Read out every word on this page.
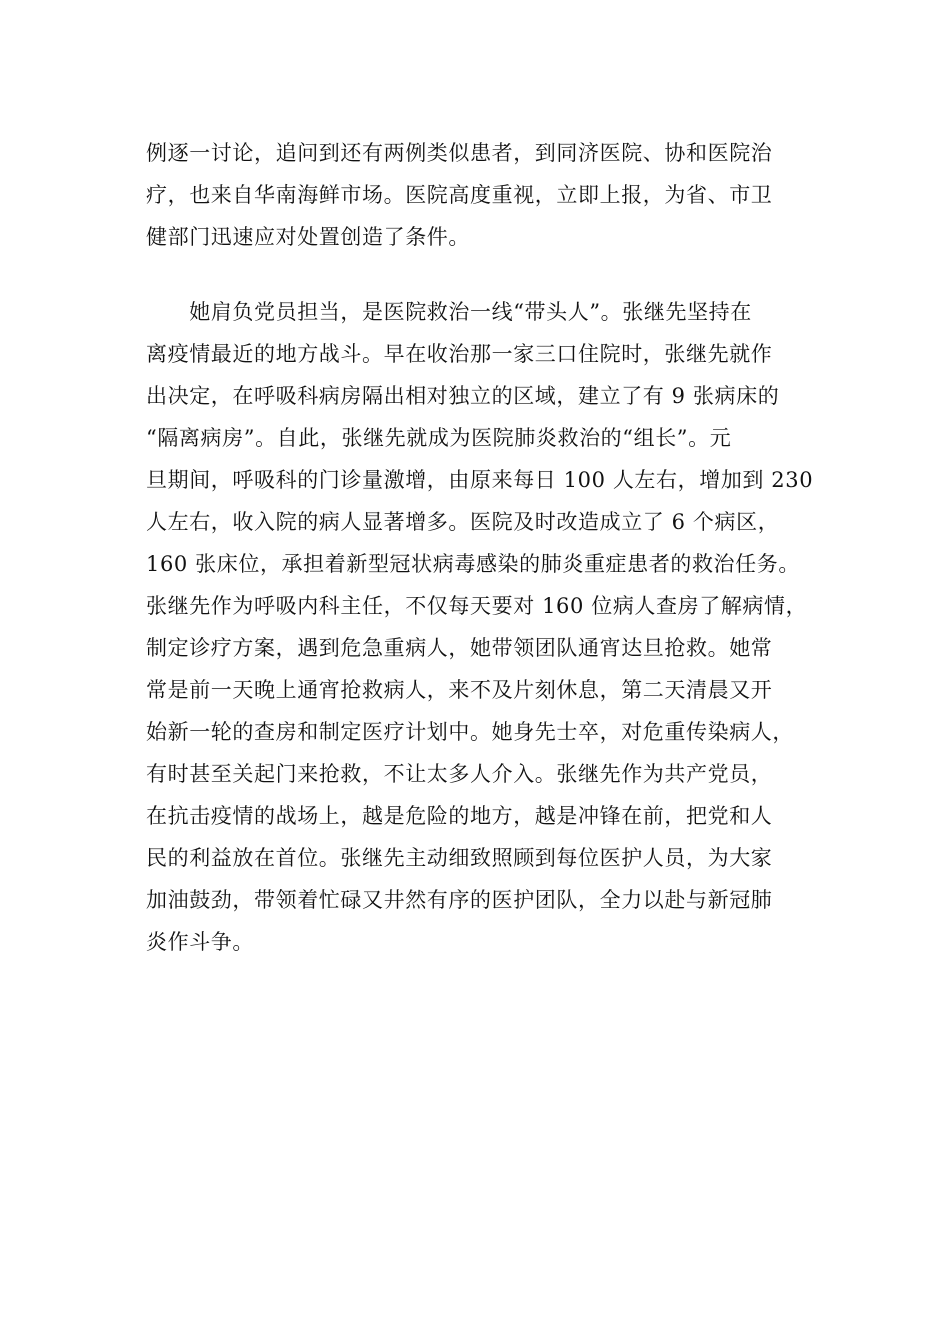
例逐一讨论，追问到还有两例类似患者，到同济医院、协和医院治
疗，也来自华南海鲜市场。医院高度重视，立即上报，为省、市卫
健部门迅速应对处置创造了条件。
　　她肩负党员担当，是医院救治一线“带头人”。张继先坚持在
离疫情最近的地方战斗。早在收治那一家三口住院时，张继先就作
出决定，在呼吸科病房隔出相对独立的区域，建立了有 9 张病床的
“隔离病房”。自此，张继先就成为医院肺炎救治的“组长”。元
旦期间，呼吸科的门诊量激增，由原来每日 100 人左右，增加到 230
人左右，收入院的病人显著增多。医院及时改造成立了 6 个病区，
160 张床位，承担着新型冠状病毒感染的肺炎重症患者的救治任务。
张继先作为呼吸内科主任，不仅每天要对 160 位病人查房了解病情，
制定诊疗方案，遇到危急重病人，她带领团队通宵达旦抢救。她常
常是前一天晚上通宵抢救病人，来不及片刻休息，第二天清晨又开
始新一轮的查房和制定医疗计划中。她身先士卒，对危重传染病人，
有时甚至关起门来抢救，不让太多人介入。张继先作为共产党员，
在抗击疫情的战场上，越是危险的地方，越是冲锋在前，把党和人
民的利益放在首位。张继先主动细致照顾到每位医护人员，为大家
加油鼓劲，带领着忙碌又井然有序的医护团队，全力以赴与新冠肺
炎作斗争。
